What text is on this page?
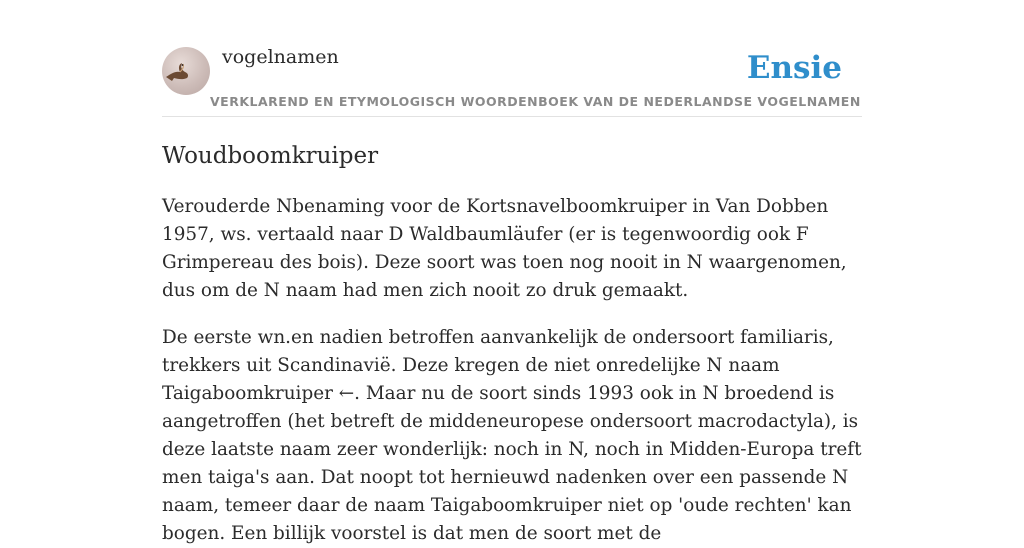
vogelnamen
VERKLAREND EN ETYMOLOGISCH WOORDENBOEK VAN DE NEDERLANDSE VOGELNAMEN
Ensie
Woudboomkruiper

Verouderde Nbenaming voor de Kortsnavelboomkruiper in Van Dobben 1957, ws. vertaald naar D Waldbaumläufer (er is tegenwoordig ook F Grimpereau des bois). Deze soort was toen nog nooit in N waargenomen, dus om de N naam had men zich nooit zo druk gemaakt.

De eerste wn.en nadien betroffen aanvankelijk de ondersoort familiaris, trekkers uit Scandinavië. Deze kregen de niet onredelijke N naam Taigaboomkruiper ←. Maar nu de soort sinds 1993 ook in N broedend is aangetroffen (het betreft de middeneuropese ondersoort macrodactyla), is deze laatste naam zeer wonderlijk: noch in N, noch in Midden-Europa treft men taiga's aan. Dat noopt tot hernieuwd nadenken over een passende N naam, temeer daar de naam Taigaboomkruiper niet op 'oude rechten' kan bogen. Een billijk voorstel is dat men de soort met de
